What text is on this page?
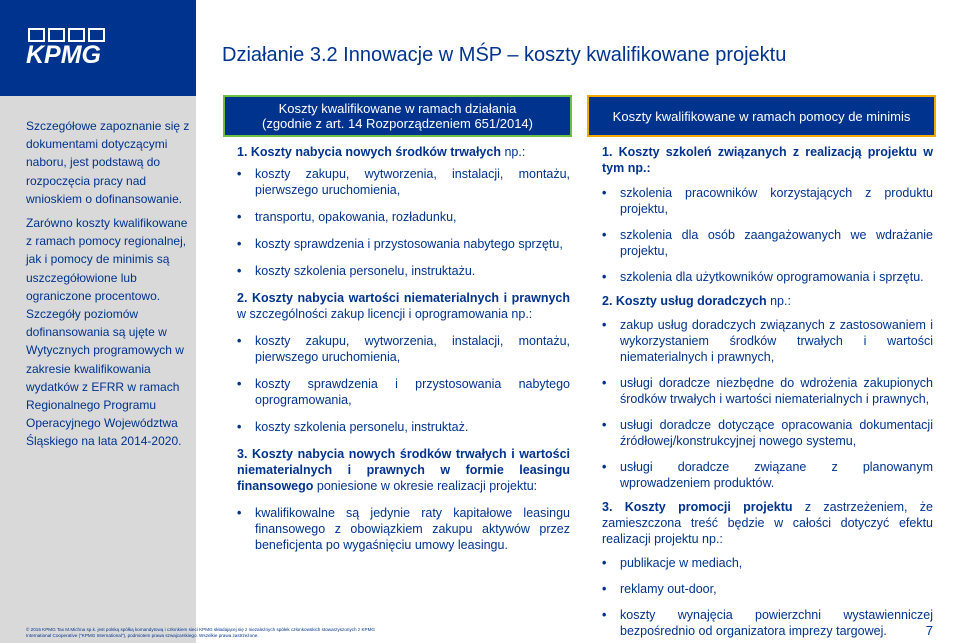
KPMG

Szczegółowe zapoznanie się z dokumentami dotyczącymi naboru, jest podstawą do rozpoczęcia pracy nad wnioskiem o dofinansowanie.

Zarówno koszty kwalifikowane z ramach pomocy regionalnej, jak i pomocy de minimis są uszczegółowione lub ograniczone procentowo. Szczegóły poziomów dofinansowania są ujęte w Wytycznych programowych w zakresie kwalifikowania wydatków z EFRR w ramach Regionalnego Programu Operacyjnego Województwa Śląskiego na lata 2014-2020.

Działanie 3.2 Innowacje w MŚP – koszty kwalifikowane projektu
Koszty kwalifikowane w ramach działania
(zgodnie z art. 14 Rozporządzeniem 651/2014)	Koszty kwalifikowane w ramach pomocy de minimis

1. Koszty nabycia nowych środków trwałych np.:

• koszty zakupu, wytworzenia, instalacji, montażu, pierwszego uruchomienia,
• transportu, opakowania, rozładunku,
• koszty sprawdzenia i przystosowania nabytego sprzętu,
• koszty szkolenia personelu, instruktażu.

2. Koszty nabycia wartości niematerialnych i prawnych w szczególności zakup licencji i oprogramowania np.:

• koszty zakupu, wytworzenia, instalacji, montażu, pierwszego uruchomienia,
• koszty sprawdzenia i przystosowania nabytego oprogramowania,
• koszty szkolenia personelu, instruktaż.

3. Koszty nabycia nowych środków trwałych i wartości niematerialnych i prawnych w formie leasingu finansowego poniesione w okresie realizacji projektu:

• kwalifikowalne są jedynie raty kapitałowe leasingu finansowego z obowiązkiem zakupu aktywów przez beneficjenta po wygaśnięciu umowy leasingu.

1. Koszty szkoleń związanych z realizacją projektu w tym np.:

• szkolenia pracowników korzystających z produktu projektu,
• szkolenia dla osób zaangażowanych we wdrażanie projektu,
• szkolenia dla użytkowników oprogramowania i sprzętu.

2. Koszty usług doradczych np.:

• zakup usług doradczych związanych z zastosowaniem i wykorzystaniem środków trwałych i wartości niematerialnych i prawnych,
• usługi doradcze niezbędne do wdrożenia zakupionych środków trwałych i wartości niematerialnych i prawnych,
• usługi doradcze dotyczące opracowania dokumentacji źródłowej/konstrukcyjnej nowego systemu,
• usługi doradcze związane z planowanym wprowadzeniem produktów.

3. Koszty promocji projektu z zastrzeżeniem, że zamieszczona treść będzie w całości dotyczyć efektu realizacji projektu np.:

• publikacje w mediach,
• reklamy out-door,
• koszty wynajęcia powierzchni wystawienniczej bezpośrednio od organizatora imprezy targowej.
© 2015 KPMG Tax M.Michna sp.k. jest polską spółką komandytową i członkiem sieci KPMG składającej się z niezależnych spółek członkowskich stowarzyszonych z KPMG
International Cooperative ("KPMG International"), podmiotem prawa szwajcarskiego. Wszelkie prawa zastrzeżone.	7
